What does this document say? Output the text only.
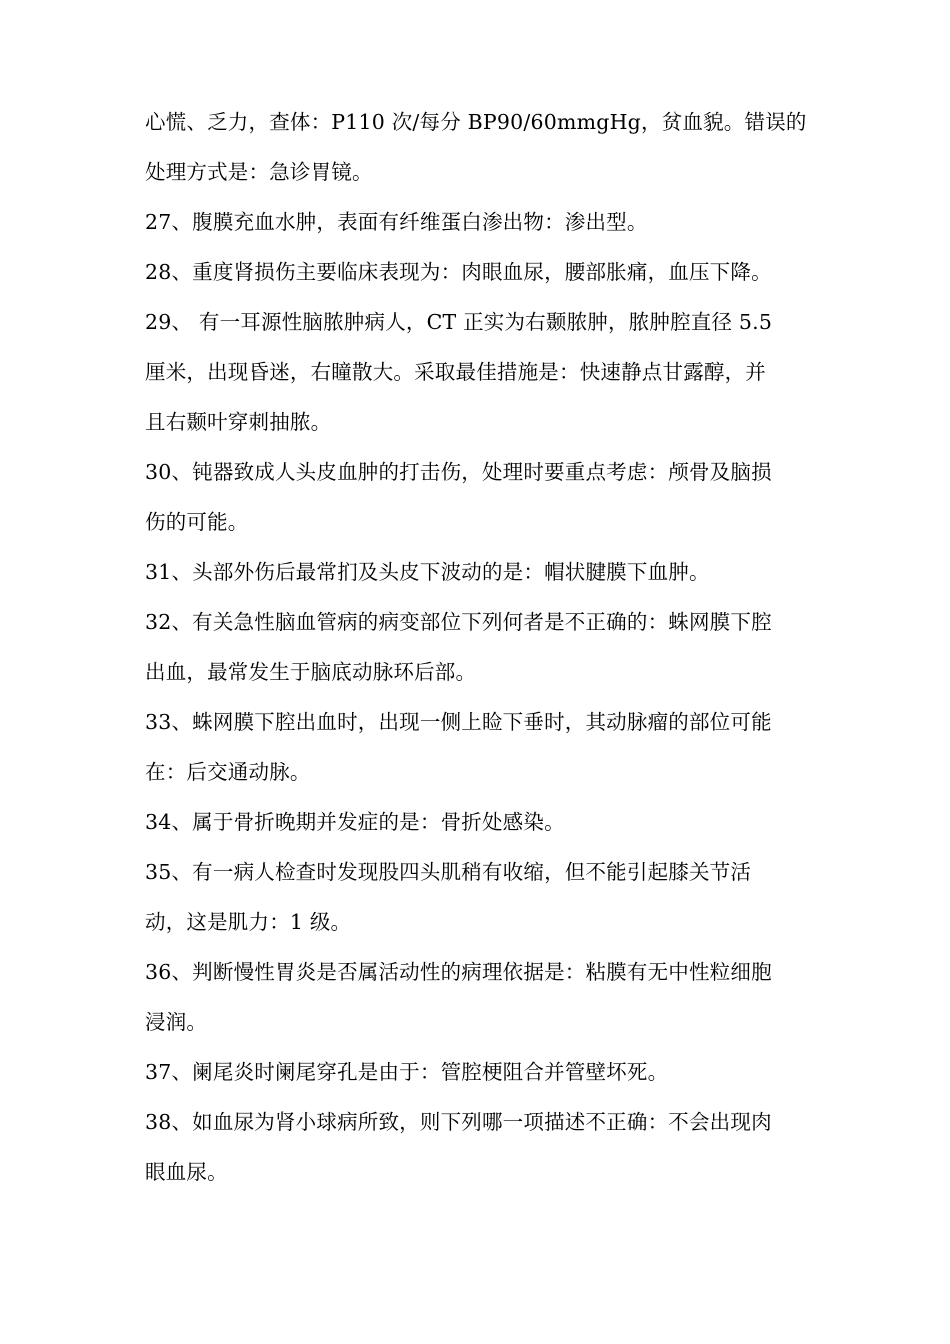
心慌、乏力，查体：P110 次/每分 BP90/60mmgHg，贫血貌。错误的
处理方式是：急诊胃镜。
27、腹膜充血水肿，表面有纤维蛋白渗出物：渗出型。
28、重度肾损伤主要临床表现为：肉眼血尿，腰部胀痛，血压下降。
29、 有一耳源性脑脓肿病人，CT 正实为右颞脓肿，脓肿腔直径 5.5
厘米，出现昏迷，右瞳散大。采取最佳措施是：快速静点甘露醇，并
且右颞叶穿刺抽脓。
30、钝器致成人头皮血肿的打击伤，处理时要重点考虑：颅骨及脑损
伤的可能。
31、头部外伤后最常扪及头皮下波动的是：帽状腱膜下血肿。
32、有关急性脑血管病的病变部位下列何者是不正确的：蛛网膜下腔
出血，最常发生于脑底动脉环后部。
33、蛛网膜下腔出血时，出现一侧上睑下垂时，其动脉瘤的部位可能
在：后交通动脉。
34、属于骨折晚期并发症的是：骨折处感染。
35、有一病人检查时发现股四头肌稍有收缩，但不能引起膝关节活
动，这是肌力：1 级。
36、判断慢性胃炎是否属活动性的病理依据是：粘膜有无中性粒细胞
浸润。
37、阑尾炎时阑尾穿孔是由于：管腔梗阻合并管壁坏死。
38、如血尿为肾小球病所致，则下列哪一项描述不正确：不会出现肉
眼血尿。
